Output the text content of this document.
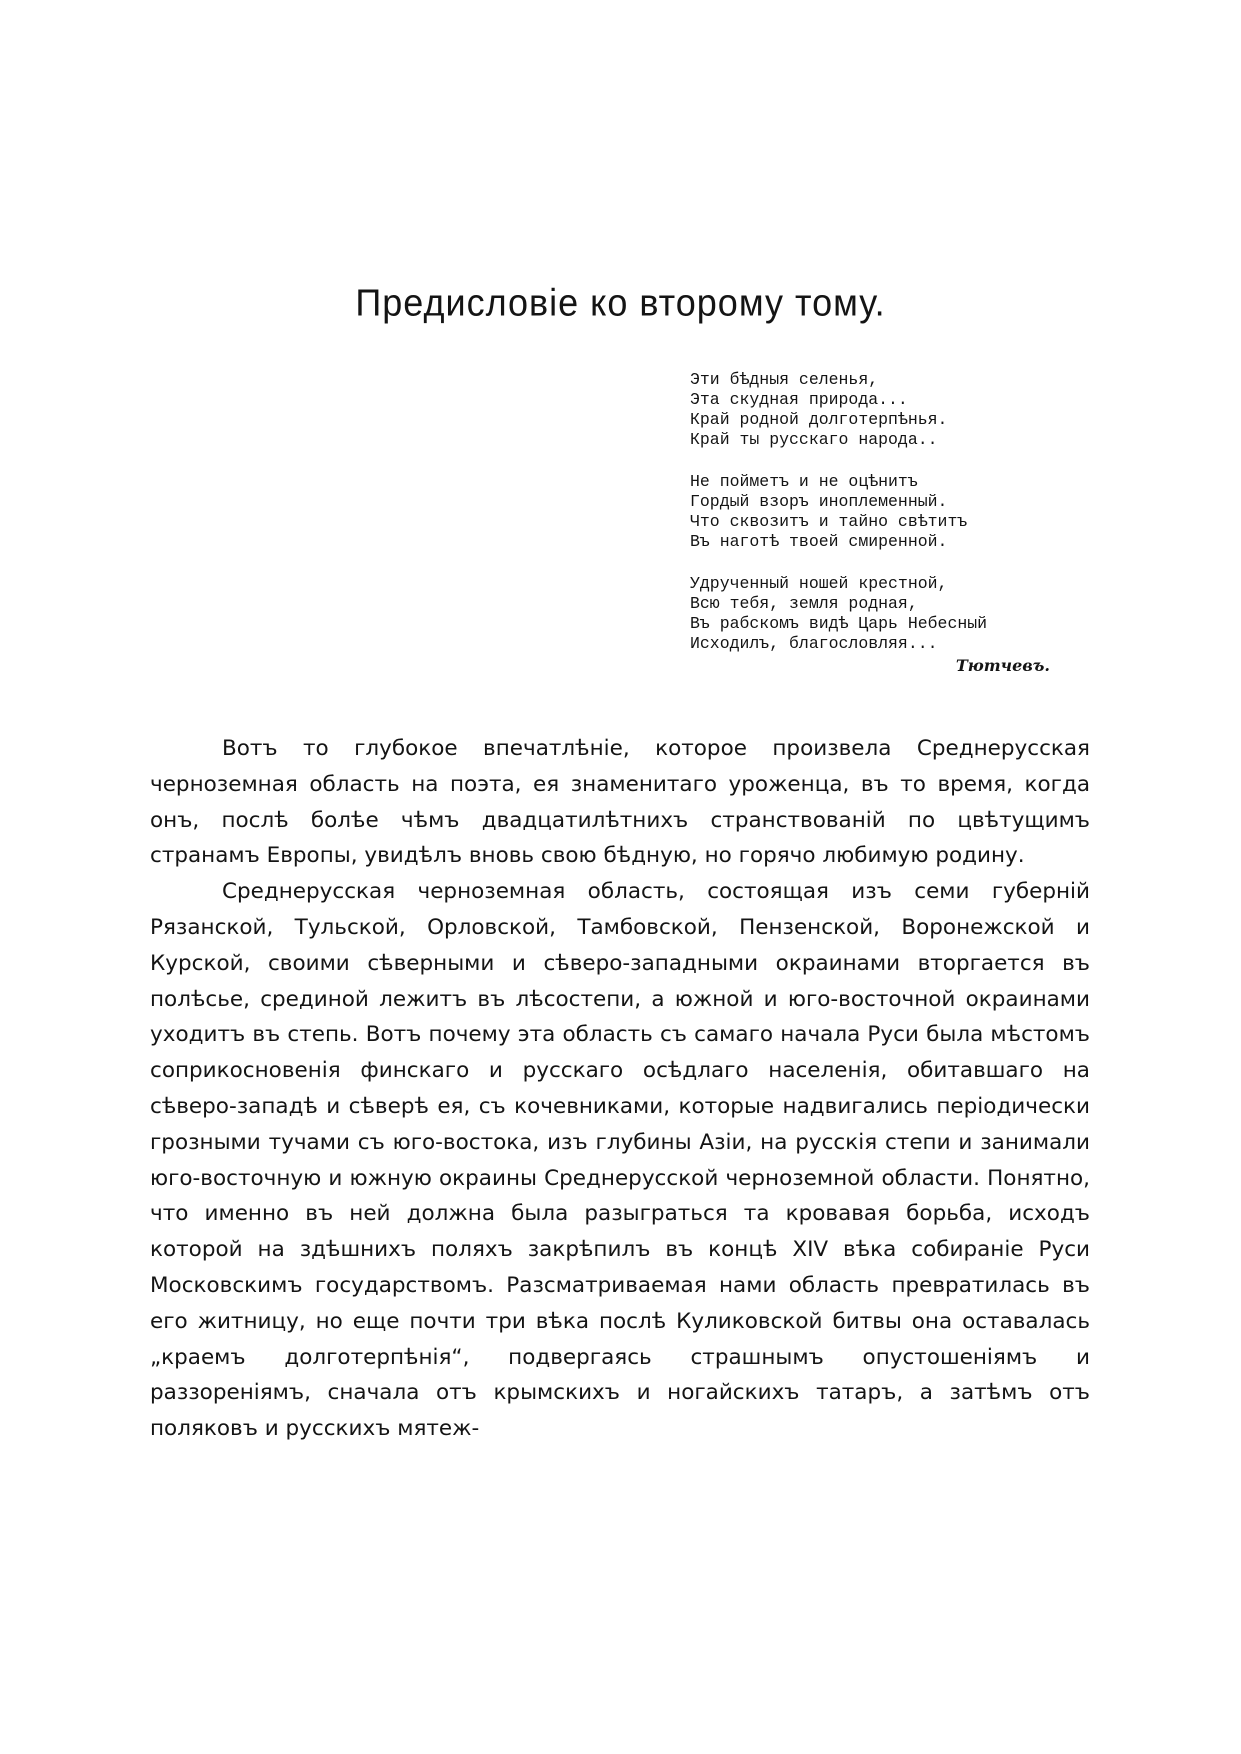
Предисловіе ко второму тому.
Эти бѣдныя селенья,
Эта скудная природа...
Край родной долготерпѣнья.
Край ты русскаго народа..
Не пойметъ и не оцѣнитъ
Гордый взоръ иноплеменный.
Что сквозитъ и тайно свѣтитъ
Въ наготѣ твоей смиренной.
Удрученный ношей крестной,
Всю тебя, земля родная,
Въ рабскомъ видѣ Царь Небесный
Исходилъ, благословляя...
Тютчевъ.

Вотъ то глубокое впечатлѣніе, которое произвела Среднерусская черноземная область на поэта, ея знаменитаго уроженца, въ то время, когда онъ, послѣ болѣе чѣмъ двадцатилѣтнихъ странствованій по цвѣтущимъ странамъ Европы, увидѣлъ вновь свою бѣдную, но горячо любимую родину.

Среднерусская черноземная область, состоящая изъ семи губерній Рязанской, Тульской, Орловской, Тамбовской, Пензенской, Воронежской и Курской, своими сѣверными и сѣверо-западными окраинами вторгается въ полѣсье, срединой лежитъ въ лѣсостепи, а южной и юго-восточной окраинами уходитъ въ степь. Вотъ почему эта область съ самаго начала Руси была мѣстомъ соприкосновенія финскаго и русскаго осѣдлаго населенія, обитавшаго на сѣверо-западѣ и сѣверѣ ея, съ кочевниками, которые надвигались періодически грозными тучами съ юго-востока, изъ глубины Азіи, на русскія степи и занимали юго-восточную и южную окраины Среднерусской черноземной области. Понятно, что именно въ ней должна была разыграться та кровавая борьба, исходъ которой на здѣшнихъ поляхъ закрѣпилъ въ концѣ XIV вѣка собираніе Руси Московскимъ государствомъ. Разсматриваемая нами область превратилась въ его житницу, но еще почти три вѣка послѣ Куликовской битвы она оставалась „краемъ долготерпѣнія“, подвергаясь страшнымъ опустошеніямъ и раззореніямъ, сначала отъ крымскихъ и ногайскихъ татаръ, а затѣмъ отъ поляковъ и русскихъ мятеж-
